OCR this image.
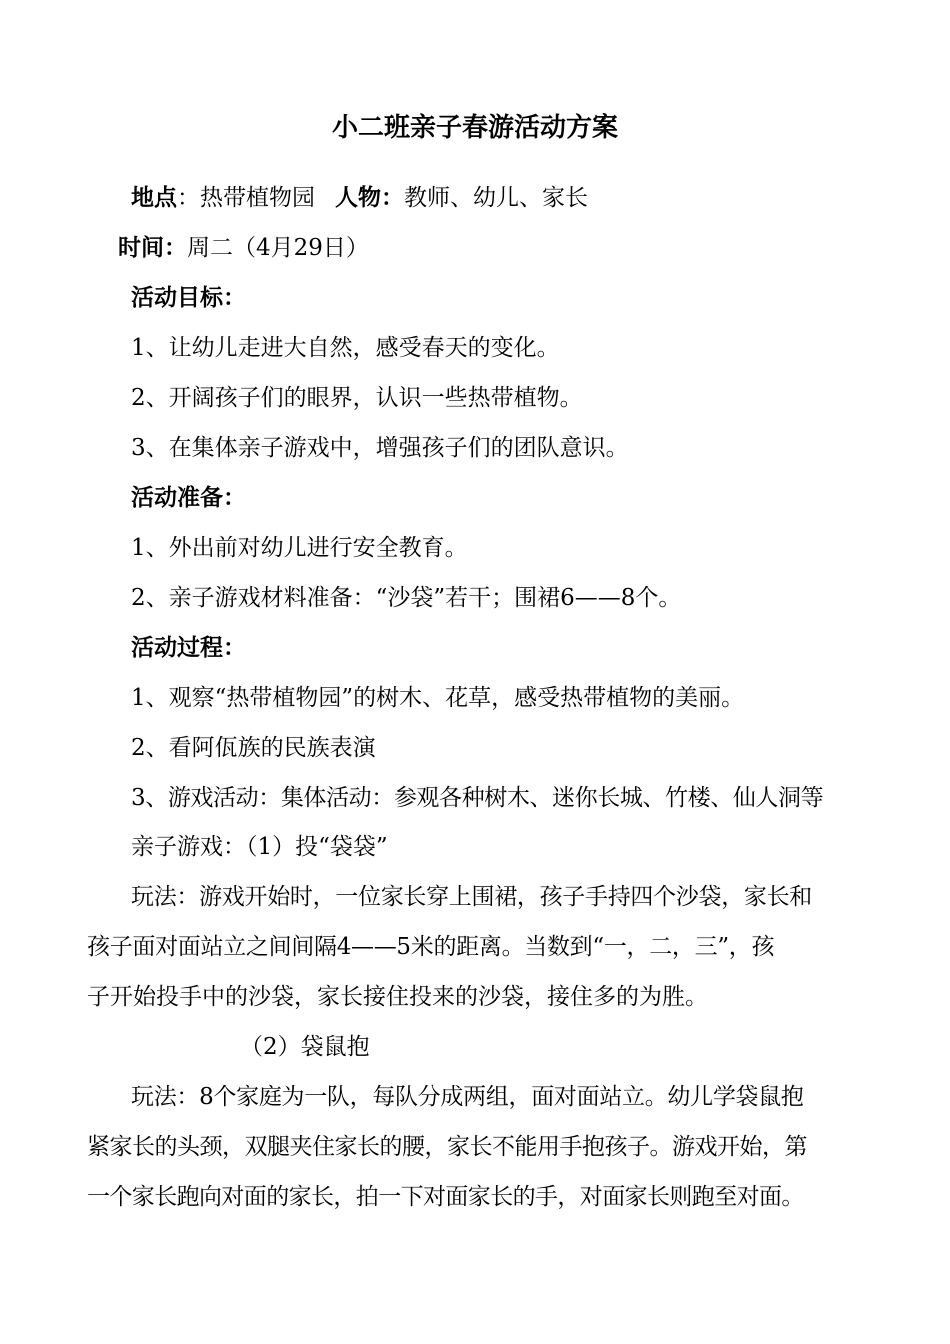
小二班亲子春游活动方案
地点：热带植物园 人物：教师、幼儿、家长
时间：周二（4月29日）
活动目标：
1、让幼儿走进大自然，感受春天的变化。
2、开阔孩子们的眼界，认识一些热带植物。
3、在集体亲子游戏中，增强孩子们的团队意识。
活动准备：
1、外出前对幼儿进行安全教育。
2、亲子游戏材料准备：“沙袋”若干；围裙6——8个。
活动过程：
1、观察“热带植物园”的树木、花草，感受热带植物的美丽。
2、看阿佤族的民族表演
3、游戏活动：集体活动：参观各种树木、迷你长城、竹楼、仙人洞等
亲子游戏：（1）投“袋袋”
玩法：游戏开始时，一位家长穿上围裙，孩子手持四个沙袋，家长和
孩子面对面站立之间间隔4——5米的距离。当数到“一，二，三”，孩
子开始投手中的沙袋，家长接住投来的沙袋，接住多的为胜。
（2）袋鼠抱
玩法：8个家庭为一队，每队分成两组，面对面站立。幼儿学袋鼠抱
紧家长的头颈，双腿夹住家长的腰，家长不能用手抱孩子。游戏开始，第
一个家长跑向对面的家长，拍一下对面家长的手，对面家长则跑至对面。
